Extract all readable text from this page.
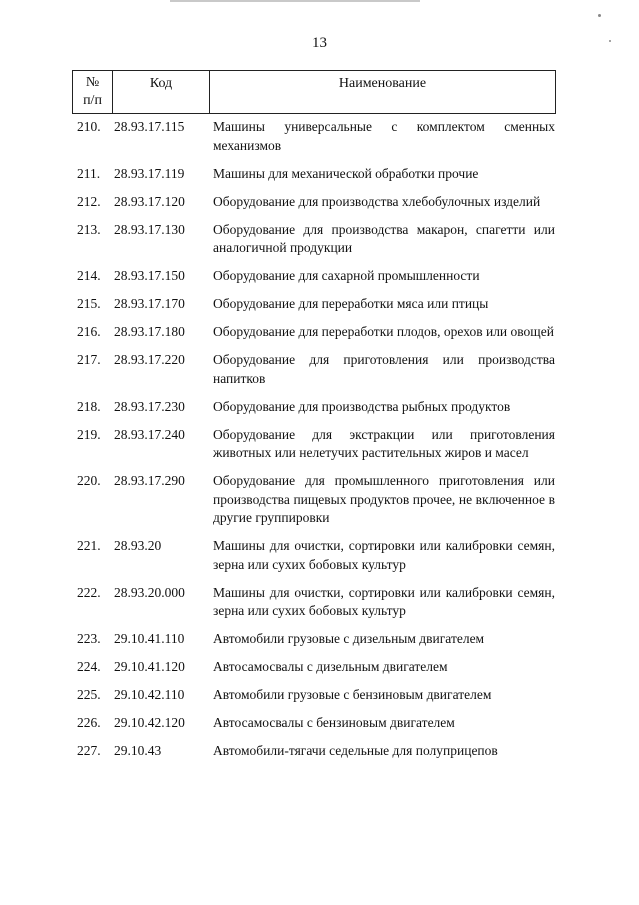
13
№
п/п
Код	Наименование
210. 28.93.17.115	Машины универсальные с комплектом сменных механизмов
211.	28.93.17.119	Машины для механической обработки прочие
212. 28.93.17.120	Оборудование для производства хлебобулочных изделий
213. 28.93.17.130	Оборудование для производства макарон, спагетти или аналогичной продукции
214. 28.93.17.150	Оборудование для сахарной промышленности
215. 28.93.17.170	Оборудование для переработки мяса или птицы
216. 28.93.17.180	Оборудование для переработки плодов, орехов или овощей
217. 28.93.17.220	Оборудование для приготовления или производства напитков
218. 28.93.17.230	Оборудование для производства рыбных продуктов
219. 28.93.17.240	Оборудование для экстракции или приготовления животных или нелетучих растительных жиров и масел
220. 28.93.17.290	Оборудование для промышленного приготовления или производства пищевых продуктов прочее, не включенное в другие группировки
221. 28.93.20	Машины для очистки, сортировки или калибровки семян, зерна или сухих бобовых культур
222. 28.93.20.000	Машины для очистки, сортировки или калибровки семян, зерна или сухих бобовых культур
223. 29.10.41.110	Автомобили грузовые с дизельным двигателем
224. 29.10.41.120	Автосамосвалы с дизельным двигателем
225. 29.10.42.110	Автомобили грузовые с бензиновым двигателем
226. 29.10.42.120	Автосамосвалы с бензиновым двигателем
227. 29.10.43	Автомобили-тягачи седельные для полуприцепов
